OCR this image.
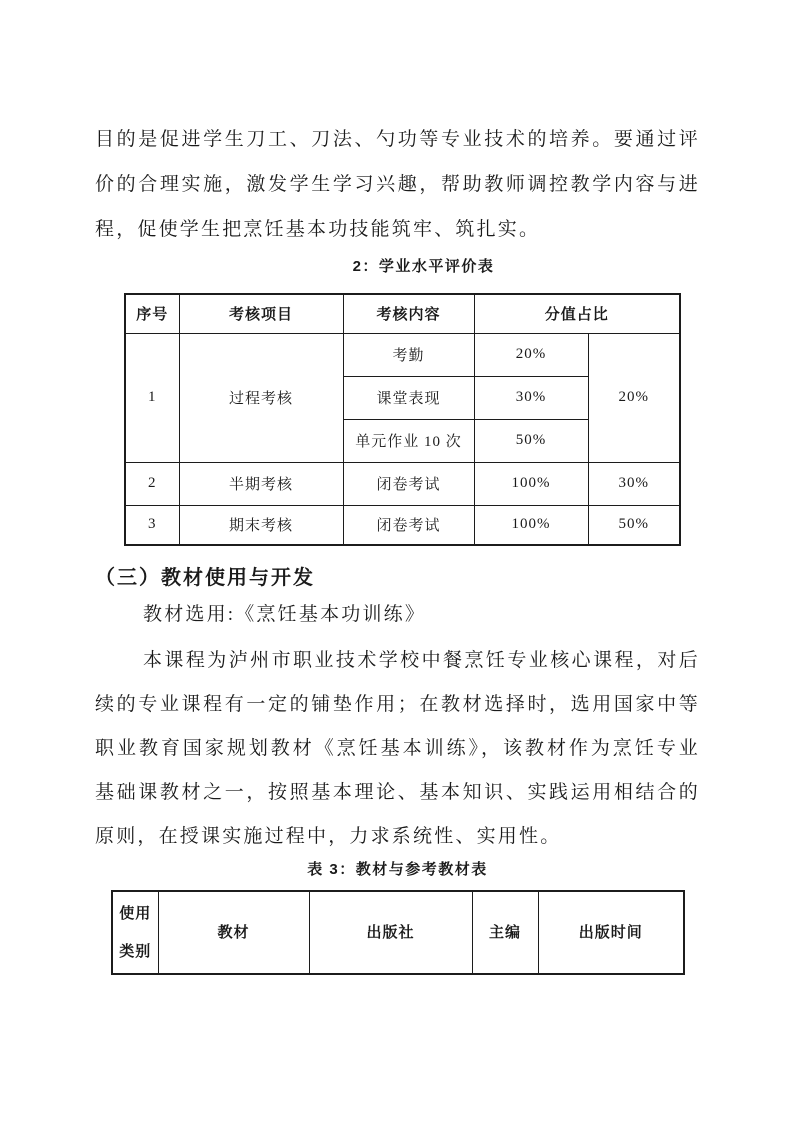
目的是促进学生刀工、刀法、勺功等专业技术的培养。要通过评价的合理实施，激发学生学习兴趣，帮助教师调控教学内容与进程，促使学生把烹饪基本功技能筑牢、筑扎实。

2：学业水平评价表
序号	考核项目	考核内容	分值占比	
1	过程考核	考勤	20%	20%
		课堂表现	30%	
		单元作业 10 次	50%	
2	半期考核	闭卷考试	100%	30%
3	期末考核	闭卷考试	100%	50%
（三）教材使用与开发

教材选用:《烹饪基本功训练》

本课程为泸州市职业技术学校中餐烹饪专业核心课程，对后续的专业课程有一定的铺垫作用；在教材选择时，选用国家中等职业教育国家规划教材《烹饪基本训练》，该教材作为烹饪专业基础课教材之一，按照基本理论、基本知识、实践运用相结合的原则，在授课实施过程中，力求系统性、实用性。

表 3：教材与参考教材表
使用类别	教材	出版社	主编	出版时间
